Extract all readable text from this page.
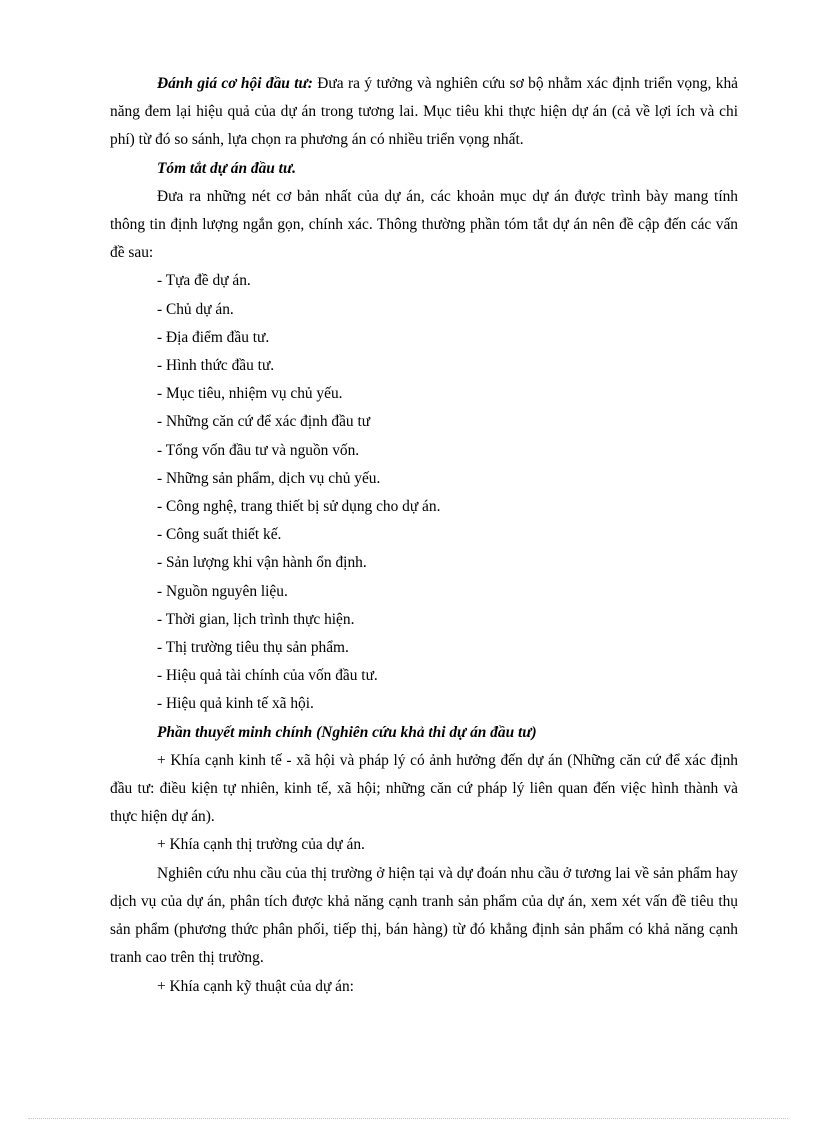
Đánh giá cơ hội đầu tư: Đưa ra ý tưởng và nghiên cứu sơ bộ nhằm xác định triển vọng, khả năng đem lại hiệu quả của dự án trong tương lai. Mục tiêu khi thực hiện dự án (cả về lợi ích và chi phí) từ đó so sánh, lựa chọn ra phương án có nhiều triển vọng nhất.

Tóm tắt dự án đầu tư.

Đưa ra những nét cơ bản nhất của dự án, các khoản mục dự án được trình bày mang tính thông tin định lượng ngắn gọn, chính xác. Thông thường phần tóm tắt dự án nên đề cập đến các vấn đề sau:

- Tựa đề dự án.

- Chủ dự án.

- Địa điểm đầu tư.

- Hình thức đầu tư.

- Mục tiêu, nhiệm vụ chủ yếu.

- Những căn cứ để xác định đầu tư

- Tổng vốn đầu tư và nguồn vốn.

- Những sản phẩm, dịch vụ chủ yếu.

- Công nghệ, trang thiết bị sử dụng cho dự án.

- Công suất thiết kế.

- Sản lượng khi vận hành ổn định.

- Nguồn nguyên liệu.

- Thời gian, lịch trình thực hiện.

- Thị trường tiêu thụ sản phẩm.

- Hiệu quả tài chính của vốn đầu tư.

- Hiệu quả kinh tế xã hội.

Phần thuyết minh chính (Nghiên cứu khả thi dự án đầu tư)

+ Khía cạnh kinh tế - xã hội và pháp lý có ảnh hưởng đến dự án (Những căn cứ để xác định đầu tư: điều kiện tự nhiên, kinh tế, xã hội; những căn cứ pháp lý liên quan đến việc hình thành và thực hiện dự án).

+ Khía cạnh thị trường của dự án.

Nghiên cứu nhu cầu của thị trường ở hiện tại và dự đoán nhu cầu ở tương lai về sản phẩm hay dịch vụ của dự án, phân tích được khả năng cạnh tranh sản phẩm của dự án, xem xét vấn đề tiêu thụ sản phẩm (phương thức phân phối, tiếp thị, bán hàng) từ đó khẳng định sản phẩm có khả năng cạnh tranh cao trên thị trường.

+ Khía cạnh kỹ thuật của dự án:
